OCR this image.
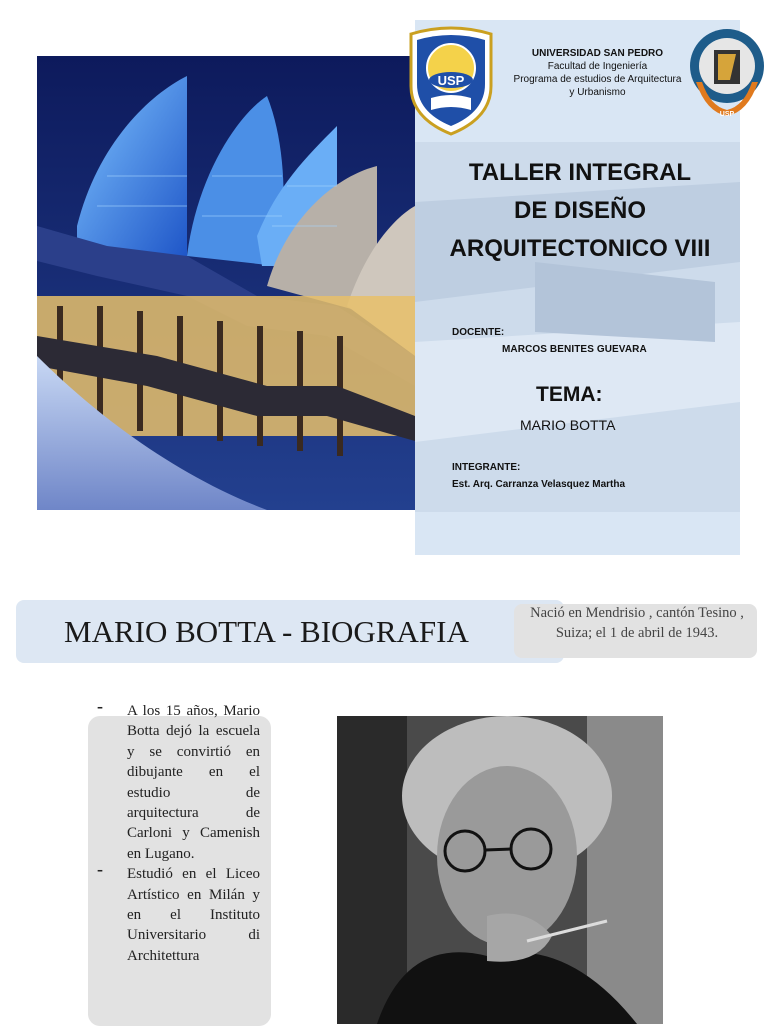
USP
USP
UNIVERSIDAD SAN PEDRO
Facultad de Ingeniería
Programa de estudios de Arquitectura
y Urbanismo
TALLER INTEGRAL
DE DISEÑO
ARQUITECTONICO VIII
DOCENTE:
MARCOS BENITES GUEVARA
TEMA:
MARIO BOTTA
INTEGRANTE:
Est. Arq. Carranza Velasquez Martha
MARIO BOTTA - BIOGRAFIA
Nació en Mendrisio , cantón Tesino , Suiza; el 1 de abril de 1943.
- A los 15 años, Mario Botta dejó la escuela y se convirtió en dibujante en el estudio de arquitectura de Carloni y Camenish en Lugano.
- Estudió en el Liceo Artístico en Milán y en el Instituto Universitario di Architettura
